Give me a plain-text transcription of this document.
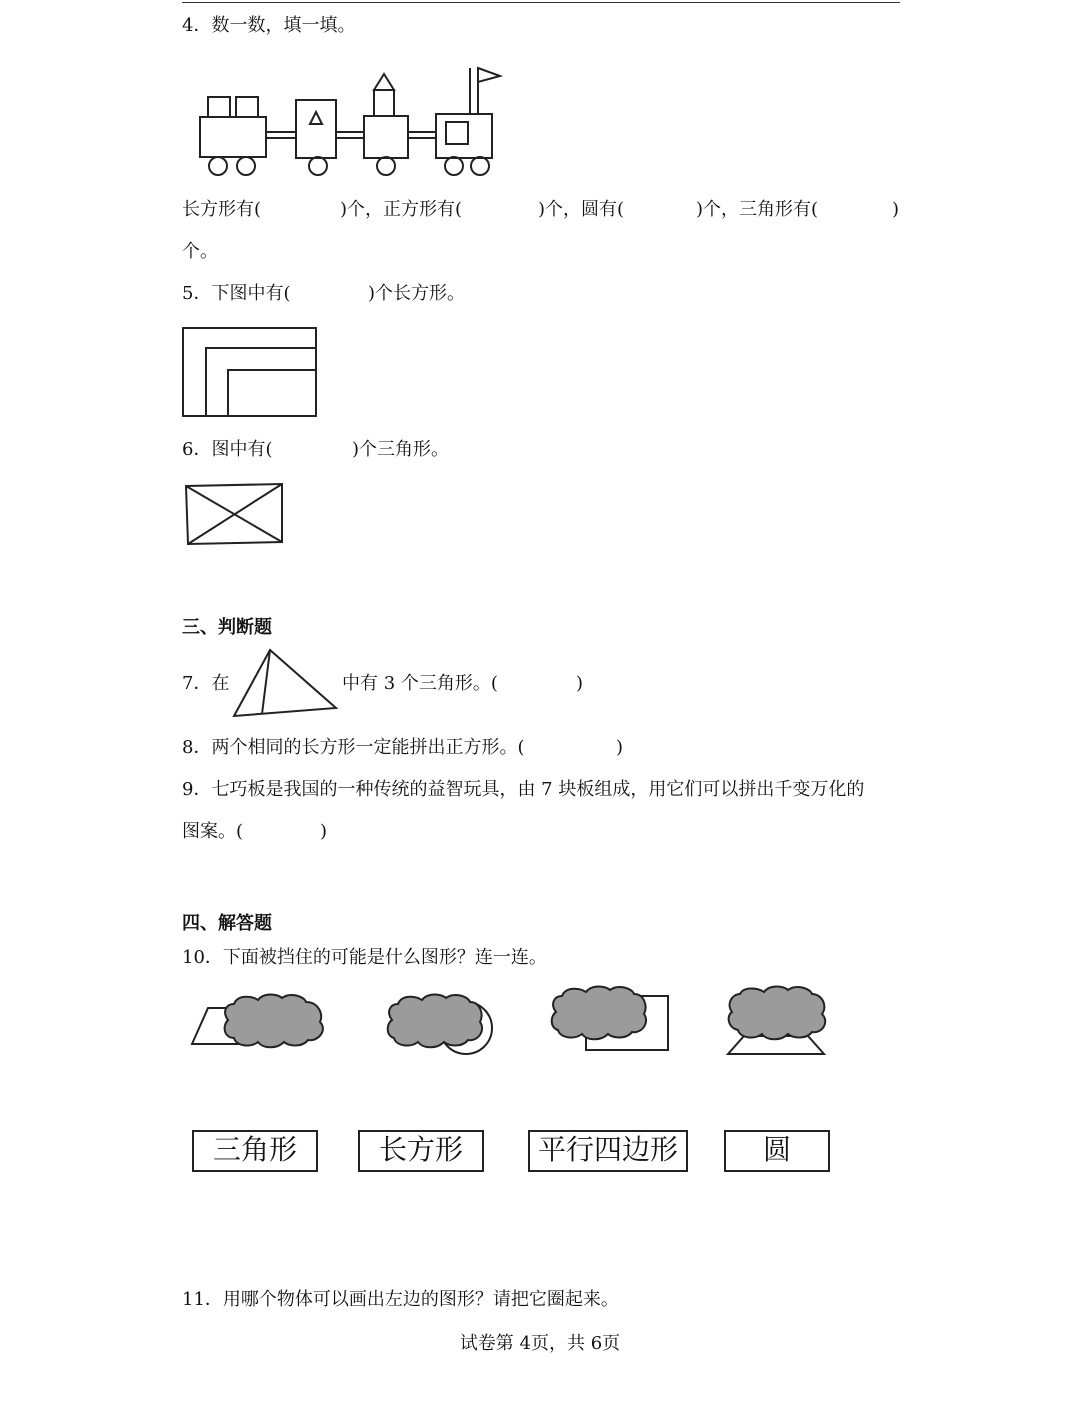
4．数一数，填一填。
长方形有(	)个，正方形有(	)个，圆有(	)个，三角形有(	)
个。
5．下图中有(	)个长方形。
6．图中有(	)个三角形。
三、判断题
7．在	中有 3 个三角形。(	)
8．两个相同的长方形一定能拼出正方形。(	)
9．七巧板是我国的一种传统的益智玩具，由 7 块板组成，用它们可以拼出千变万化的
图案。(	)
四、解答题
10．下面被挡住的可能是什么图形？连一连。
三角形	长方形	平行四边形	圆
11．用哪个物体可以画出左边的图形？请把它圈起来。
试卷第 4页，共 6页
